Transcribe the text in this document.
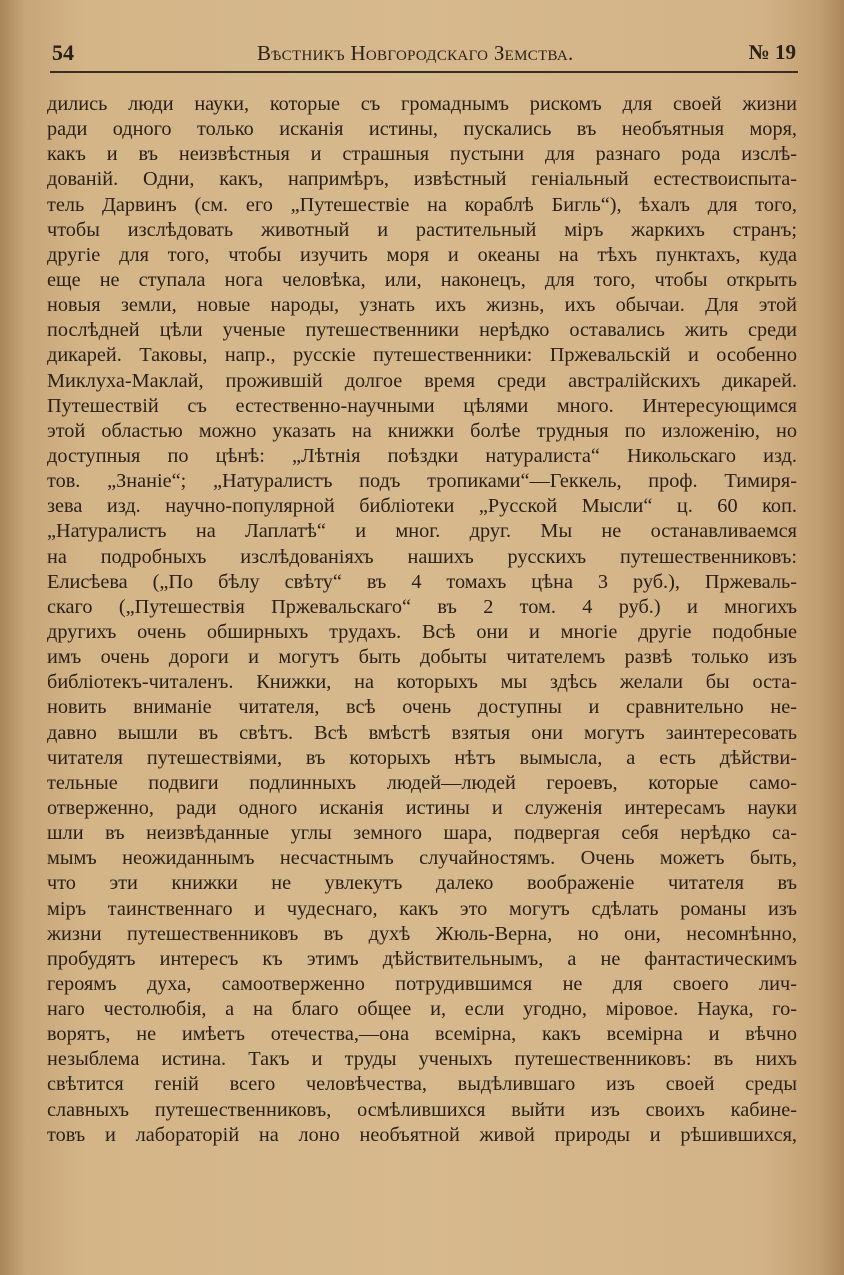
54	Вѣстникъ Новгородскаго Земства.	№ 19
дились люди науки, которые съ громаднымъ рискомъ для своей жизни
ради одного только исканія истины, пускались въ необъятныя моря,
какъ и въ неизвѣстныя и страшныя пустыни для разнаго рода изслѣ-
дованій. Одни, какъ, напримѣръ, извѣстный геніальный естествоиспыта-
тель Дарвинъ (см. его „Путешествіе на кораблѣ Бигль“), ѣхалъ для того,
чтобы изслѣдовать животный и растительный міръ жаркихъ странъ;
другіе для того, чтобы изучить моря и океаны на тѣхъ пунктахъ, куда
еще не ступала нога человѣка, или, наконецъ, для того, чтобы открыть
новыя земли, новые народы, узнать ихъ жизнь, ихъ обычаи. Для этой
послѣдней цѣли ученые путешественники нерѣдко оставались жить среди
дикарей. Таковы, напр., русскіе путешественники: Пржевальскій и особенно
Миклуха-Маклай, прожившій долгое время среди австралійскихъ дикарей.
Путешествій съ естественно-научными цѣлями много. Интересующимся
этой областью можно указать на книжки болѣе трудныя по изложенію, но
доступныя по цѣнѣ: „Лѣтнія поѣздки натуралиста“ Никольскаго изд.
тов. „Знаніе“; „Натуралистъ подъ тропиками“—Геккель, проф. Тимиря-
зева изд. научно-популярной библіотеки „Русской Мысли“ ц. 60 коп.
„Натуралистъ на Лаплатѣ“ и мног. друг. Мы не останавливаемся
на подробныхъ изслѣдованіяхъ нашихъ русскихъ путешественниковъ:
Елисѣева („По бѣлу свѣту“ въ 4 томахъ цѣна 3 руб.), Пржеваль-
скаго („Путешествія Пржевальскаго“ въ 2 том. 4 руб.) и многихъ
другихъ очень обширныхъ трудахъ. Всѣ они и многіе другіе подобные
имъ очень дороги и могутъ быть добыты читателемъ развѣ только изъ
библіотекъ-читаленъ. Книжки, на которыхъ мы здѣсь желали бы оста-
новить вниманіе читателя, всѣ очень доступны и сравнительно не-
давно вышли въ свѣтъ. Всѣ вмѣстѣ взятыя они могутъ заинтересовать
читателя путешествіями, въ которыхъ нѣтъ вымысла, а есть дѣйстви-
тельные подвиги подлинныхъ людей—людей героевъ, которые само-
отверженно, ради одного исканія истины и служенія интересамъ науки
шли въ неизвѣданные углы земного шара, подвергая себя нерѣдко са-
мымъ неожиданнымъ несчастнымъ случайностямъ. Очень можетъ быть,
что эти книжки не увлекутъ далеко воображеніе читателя въ
міръ таинственнаго и чудеснаго, какъ это могутъ сдѣлать романы изъ
жизни путешественниковъ въ духѣ Жюль-Верна, но они, несомнѣнно,
пробудятъ интересъ къ этимъ дѣйствительнымъ, а не фантастическимъ
героямъ духа, самоотверженно потрудившимся не для своего лич-
наго честолюбія, а на благо общее и, если угодно, міровое. Наука, го-
ворятъ, не имѣетъ отечества,—она всемірна, какъ всемірна и вѣчно
незыблема истина. Такъ и труды ученыхъ путешественниковъ: въ нихъ
свѣтится геній всего человѣчества, выдѣлившаго изъ своей среды
славныхъ путешественниковъ, осмѣлившихся выйти изъ своихъ кабине-
товъ и лабораторій на лоно необъятной живой природы и рѣшившихся,
